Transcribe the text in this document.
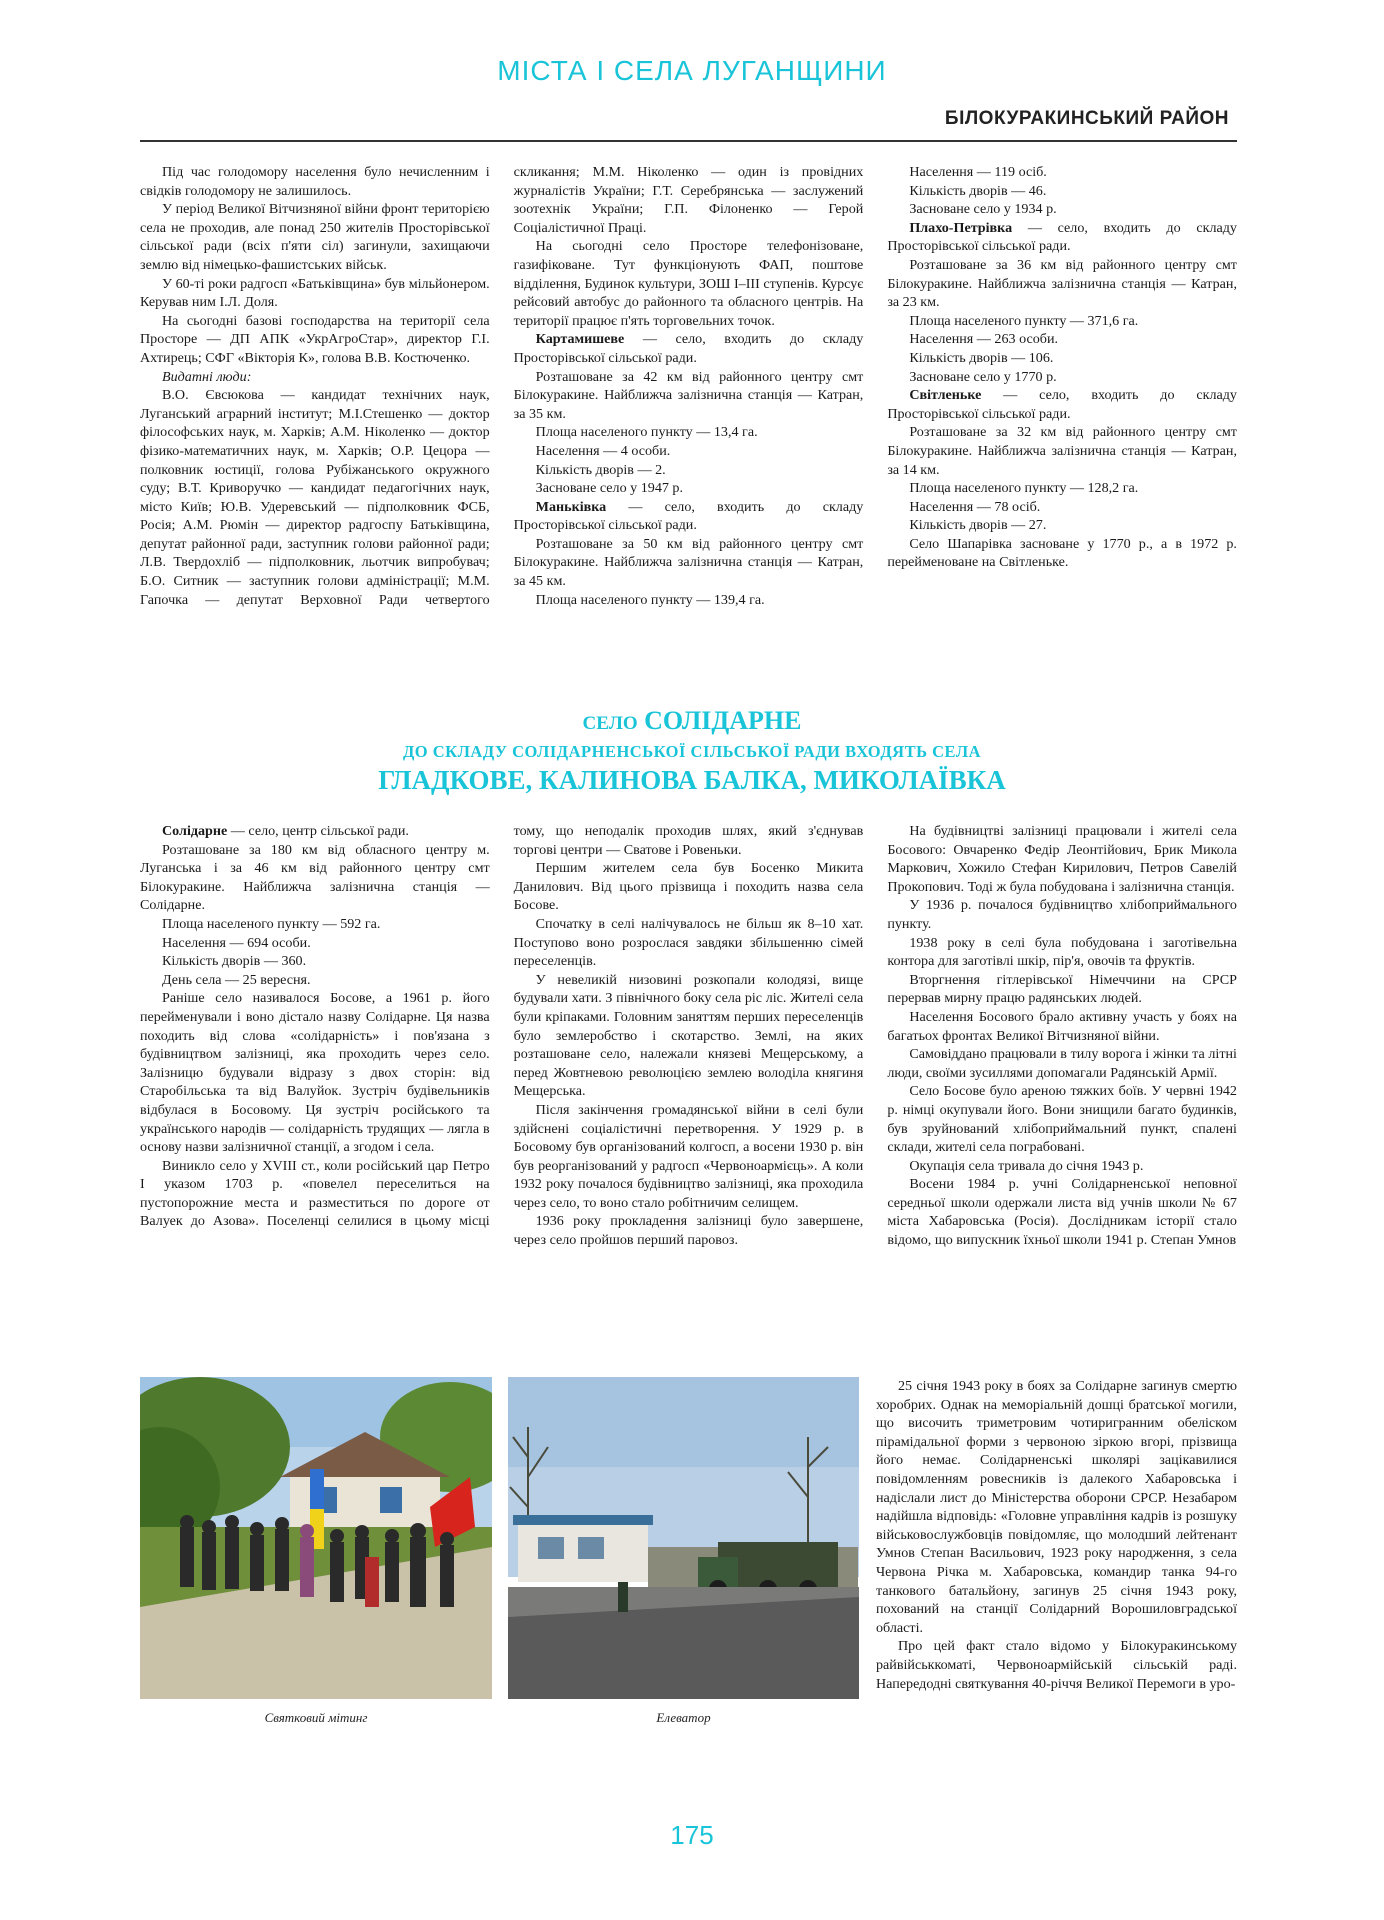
МІСТА І СЕЛА ЛУГАНЩИНИ
БІЛОКУРАКИНСЬКИЙ РАЙОН

Під час голодомору населення було нечисленним і свідків голодомору не залишилось.

У період Великої Вітчизняної війни фронт територією села не проходив, але понад 250 жителів Просторівської сільської ради (всіх п'яти сіл) загинули, захищаючи землю від німецько-фашистських військ.

У 60-ті роки радгосп «Батьківщина» був мільйонером. Керував ним І.Л. Доля.

На сьогодні базові господарства на території села Просторе — ДП АПК «УкрАгроСтар», директор Г.І. Ахтирець; СФГ «Вікторія К», голова В.В. Костюченко.

Видатні люди:

В.О. Євсюкова — кандидат технічних наук, Луганський аграрний інститут; М.І.Стешенко — доктор філософських наук, м. Харків; А.М. Ніколенко — доктор фізико-математичних наук, м. Харків; О.Р. Цецора — полковник юстиції, голова Рубіжанського окружного суду; В.Т. Криворучко — кандидат педагогічних наук, місто Київ; Ю.В. Удеревський — підполковник ФСБ, Росія; А.М. Рюмін — директор радгоспу Батьківщина, депутат районної ради, заступник голови районної ради; Л.В. Твердохліб — підполковник, льотчик випробувач; Б.О. Ситник — заступник голови адміністрації; М.М. Гапочка — депутат Верховної Ради четвертого скликання; М.М. Ніколенко — один із провідних журналістів України; Г.Т. Серебрянська — заслужений зоотехнік України; Г.П. Філоненко — Герой Соціалістичної Праці.

На сьогодні село Просторе телефонізоване, газифіковане. Тут функціонують ФАП, поштове відділення, Будинок культури, ЗОШ I–III ступенів. Курсує рейсовий автобус до районного та обласного центрів. На території працює п'ять торговельних точок.

Картамишеве — село, входить до складу Просторівської сільської ради.

Розташоване за 42 км від районного центру смт Білокуракине. Найближча залізнична станція — Катран, за 35 км.

Площа населеного пункту — 13,4 га.

Населення — 4 особи.

Кількість дворів — 2.

Засноване село у 1947 р.

Маньківка — село, входить до складу Просторівської сільської ради.

Розташоване за 50 км від районного центру смт Білокуракине. Найближча залізнична станція — Катран, за 45 км.

Площа населеного пункту — 139,4 га.

Населення — 119 осіб.

Кількість дворів — 46.

Засноване село у 1934 р.

Плахо-Петрівка — село, входить до складу Просторівської сільської ради.

Розташоване за 36 км від районного центру смт Білокуракине. Найближча залізнична станція — Катран, за 23 км.

Площа населеного пункту — 371,6 га.

Населення — 263 особи.

Кількість дворів — 106.

Засноване село у 1770 р.

Світленьке — село, входить до складу Просторівської сільської ради.

Розташоване за 32 км від районного центру смт Білокуракине. Найближча залізнична станція — Катран, за 14 км.

Площа населеного пункту — 128,2 га.

Населення — 78 осіб.

Кількість дворів — 27.

Село Шапарівка засноване у 1770 р., а в 1972 р. перейменоване на Світленьке.

СЕЛО СОЛІДАРНЕ
ДО СКЛАДУ СОЛІДАРНЕНСЬКОЇ СІЛЬСЬКОЇ РАДИ ВХОДЯТЬ СЕЛА
ГЛАДКОВЕ, КАЛИНОВА БАЛКА, МИКОЛАЇВКА

Солідарне — село, центр сільської ради.

Розташоване за 180 км від обласного центру м. Луганська і за 46 км від районного центру смт Білокуракине. Найближча залізнична станція — Солідарне.

Площа населеного пункту — 592 га.

Населення — 694 особи.

Кількість дворів — 360.

День села — 25 вересня.

Раніше село називалося Босове, а 1961 р. його перейменували і воно дістало назву Солідарне. Ця назва походить від слова «солідарність» і пов'язана з будівництвом залізниці, яка проходить через село. Залізницю будували відразу з двох сторін: від Старобільська та від Валуйок. Зустріч будівельників відбулася в Босовому. Ця зустріч російського та українського народів — солідарність трудящих — лягла в основу назви залізничної станції, а згодом і села.

Виникло село у XVIII ст., коли російський цар Петро І указом 1703 р. «повелел переселиться на пустопорожние места и разместиться по дороге от Валуек до Азова». Поселенці селилися в цьому місці тому, що неподалік проходив шлях, який з'єднував торгові центри — Сватове і Ровеньки.

Першим жителем села був Босенко Микита Данилович. Від цього прізвища і походить назва села Босове.

Спочатку в селі налічувалось не більш як 8–10 хат. Поступово воно розрослася завдяки збільшенню сімей переселенців.

У невеликій низовині розкопали колодязі, вище будували хати. З північного боку села ріс ліс. Жителі села були кріпаками. Головним заняттям перших переселенців було землеробство і скотарство. Землі, на яких розташоване село, належали князеві Мещерському, а перед Жовтневою революцією землею володіла княгиня Мещерська.

Після закінчення громадянської війни в селі були здійснені соціалістичні перетворення. У 1929 р. в Босовому був організований колгосп, а восени 1930 р. він був реорганізований у радгосп «Червоноармієць». А коли 1932 року почалося будівництво залізниці, яка проходила через село, то воно стало робітничим селищем.

1936 року прокладення залізниці було завершене, через село пройшов перший паровоз.

На будівництві залізниці працювали і жителі села Босового: Овчаренко Федір Леонтійович, Брик Микола Маркович, Хожило Стефан Кирилович, Петров Савелій Прокопович. Тоді ж була побудована і залізнична станція.

У 1936 р. почалося будівництво хлібоприймального пункту.

1938 року в селі була побудована і заготівельна контора для заготівлі шкір, пір'я, овочів та фруктів.

Вторгнення гітлерівської Німеччини на СРСР перервав мирну працю радянських людей.

Населення Босового брало активну участь у боях на багатьох фронтах Великої Вітчизняної війни.

Самовіддано працювали в тилу ворога і жінки та літні люди, своїми зусиллями допомагали Радянській Армії.

Село Босове було ареною тяжких боїв. У червні 1942 р. німці окупували його. Вони знищили багато будинків, був зруйнований хлібоприймальний пункт, спалені склади, жителі села пограбовані.

Окупація села тривала до січня 1943 р.

Восени 1984 р. учні Солідарненської неповної середньої школи одержали листа від учнів школи № 67 міста Хабаровська (Росія). Дослідникам історії стало відомо, що випускник їхньої школи 1941 р. Степан Умнов

Святковий мітинг	Елеватор

25 січня 1943 року в боях за Солідарне загинув смертю хоробрих. Однак на меморіальній дошці братської могили, що височить триметровим чотиригранним обеліском пірамідальної форми з червоною зіркою вгорі, прізвища його немає. Солідарненські школярі зацікавилися повідомленням ровесників із далекого Хабаровська і надіслали лист до Міністерства оборони СРСР. Незабаром надійшла відповідь: «Головне управління кадрів із розшуку військовослужбовців повідомляє, що молодший лейтенант Умнов Степан Васильович, 1923 року народження, з села Червона Річка м. Хабаровська, командир танка 94-го танкового батальйону, загинув 25 січня 1943 року, похований на станції Солідарний Ворошиловградської області.

Про цей факт стало відомо у Білокуракинському райвійськкоматі, Червоноармійській сільській раді. Напередодні святкування 40-річчя Великої Перемоги в уро-

175
